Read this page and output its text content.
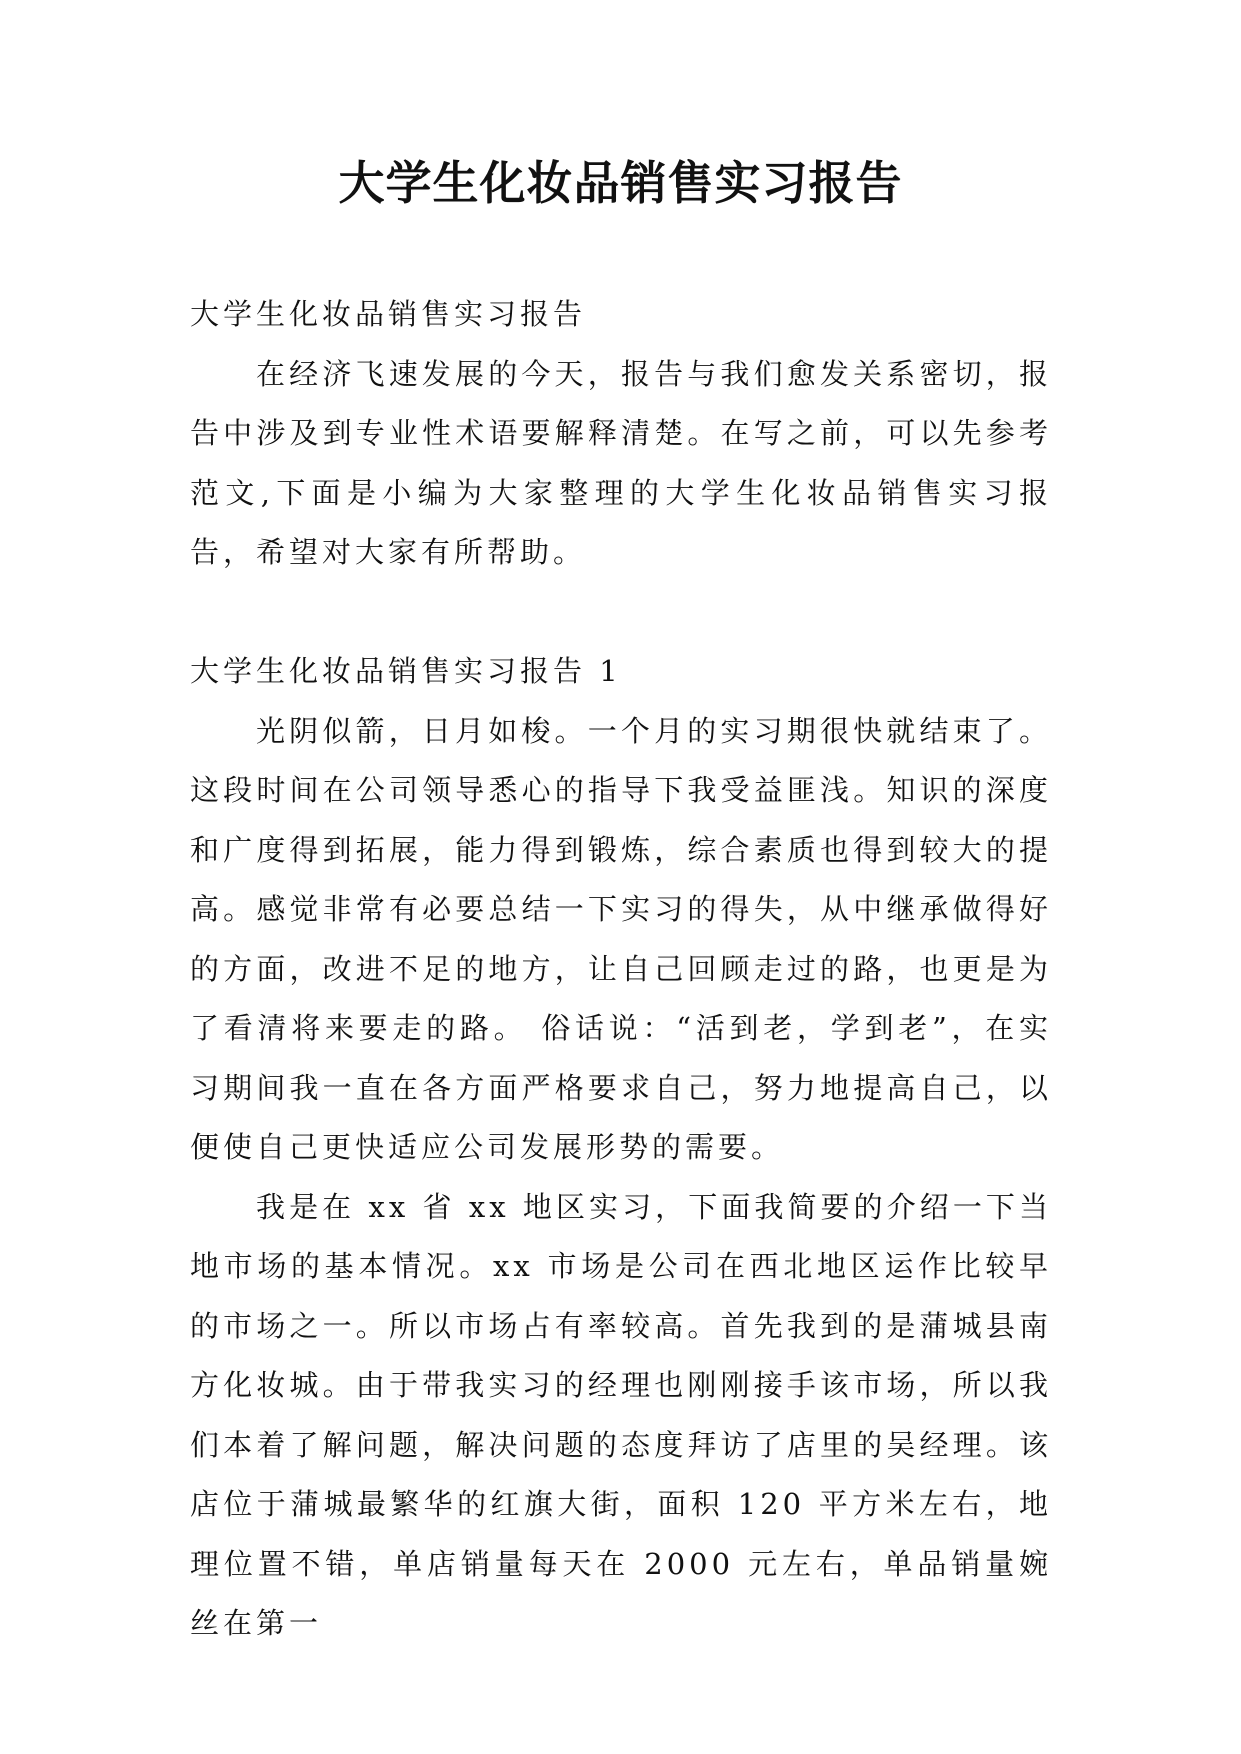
大学生化妆品销售实习报告

大学生化妆品销售实习报告

在经济飞速发展的今天，报告与我们愈发关系密切，报告中涉及到专业性术语要解释清楚。在写之前，可以先参考范文,下面是小编为大家整理的大学生化妆品销售实习报告，希望对大家有所帮助。

大学生化妆品销售实习报告 1

光阴似箭，日月如梭。一个月的实习期很快就结束了。这段时间在公司领导悉心的指导下我受益匪浅。知识的深度和广度得到拓展，能力得到锻炼，综合素质也得到较大的提高。感觉非常有必要总结一下实习的得失，从中继承做得好的方面，改进不足的地方，让自己回顾走过的路，也更是为了看清将来要走的路。 俗话说：“活到老，学到老”，在实习期间我一直在各方面严格要求自己，努力地提高自己，以便使自己更快适应公司发展形势的需要。

我是在 xx 省 xx 地区实习，下面我简要的介绍一下当地市场的基本情况。xx 市场是公司在西北地区运作比较早的市场之一。所以市场占有率较高。首先我到的是蒲城县南方化妆城。由于带我实习的经理也刚刚接手该市场，所以我们本着了解问题，解决问题的态度拜访了店里的吴经理。该店位于蒲城最繁华的红旗大街，面积 120 平方米左右，地理位置不错，单店销量每天在 2000 元左右，单品销量婉丝在第一
